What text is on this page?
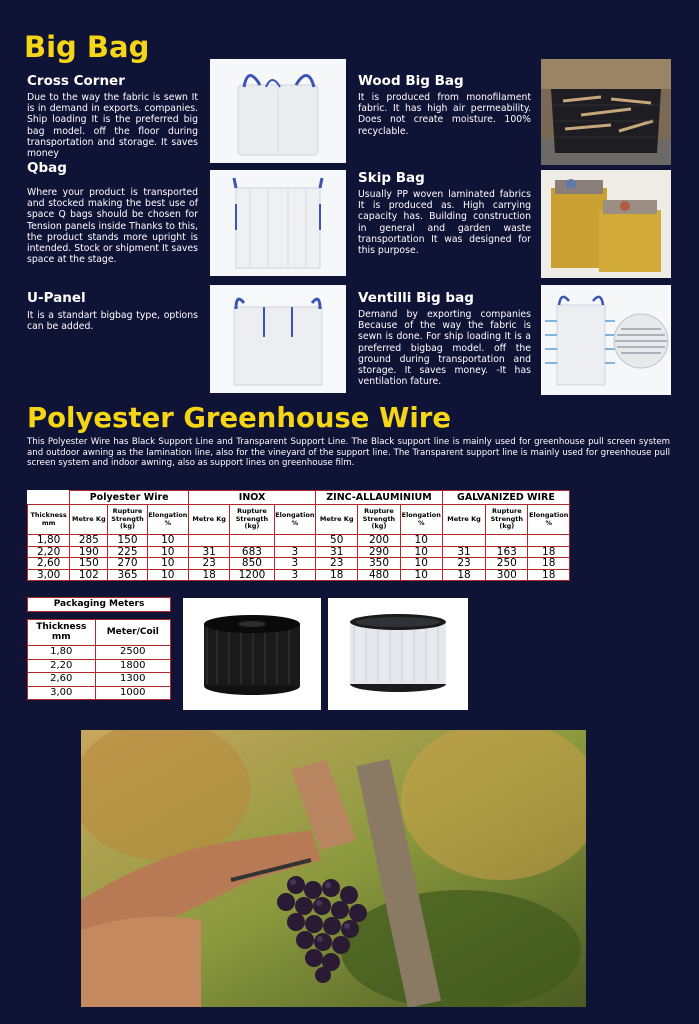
Big Bag
Cross Corner
Due to the way the fabric is sewn It is in demand in exports. companies. Ship loading It is the preferred big bag model. off the floor during transportation and storage. It saves money
Qbag
Where your product is transported and stocked making the best use of space Q bags should be chosen for Tension panels inside Thanks to this, the product stands more upright is intended. Stock or shipment It saves space at the stage.
U-Panel
It is a standart bigbag type, options can be added.
Wood Big Bag
It is produced from monofilament fabric. It has high air permeability. Does not create moisture. 100% recyclable.
Skip Bag
Usually PP woven laminated fabrics It is produced as. High carrying capacity has. Building construction in general and garden waste transportation It was designed for this purpose.
Ventilli Big bag
Demand by exporting companies Because of the way the fabric is sewn is done. For ship loading It is a preferred bigbag model. off the ground during transportation and storage. It saves money. -It has ventilation fature.
Polyester Greenhouse Wire
This Polyester Wire has Black Support Line and Transparent Support Line. The Black support line is mainly used for greenhouse pull screen system and outdoor awning as the lamination line, also for the vineyard of the support line. The Transparent support line is mainly used for greenhouse pull screen system and indoor awning, also as support lines on greenhouse film.
	Polyester Wire			INOX			ZINC-ALLAUMINIUM			GALVANIZED WIRE		
Thickness mm	Metre Kg	Rupture Strength (kg)	Elongation %	Metre Kg	Rupture Strength (kg)	Elongation %	Metre Kg	Rupture Strength (kg)	Elongation %	Metre Kg	Rupture Strength (kg)	Elongation %
1,80	285	150	10				50	200	10			
2,20	190	225	10	31	683	3	31	290	10	31	163	18
2,60	150	270	10	23	850	3	23	350	10	23	250	18
3,00	102	365	10	18	1200	3	18	480	10	18	300	18
Packaging Meters
Thickness mm	Meter/Coil
1,80	2500
2,20	1800
2,60	1300
3,00	1000
